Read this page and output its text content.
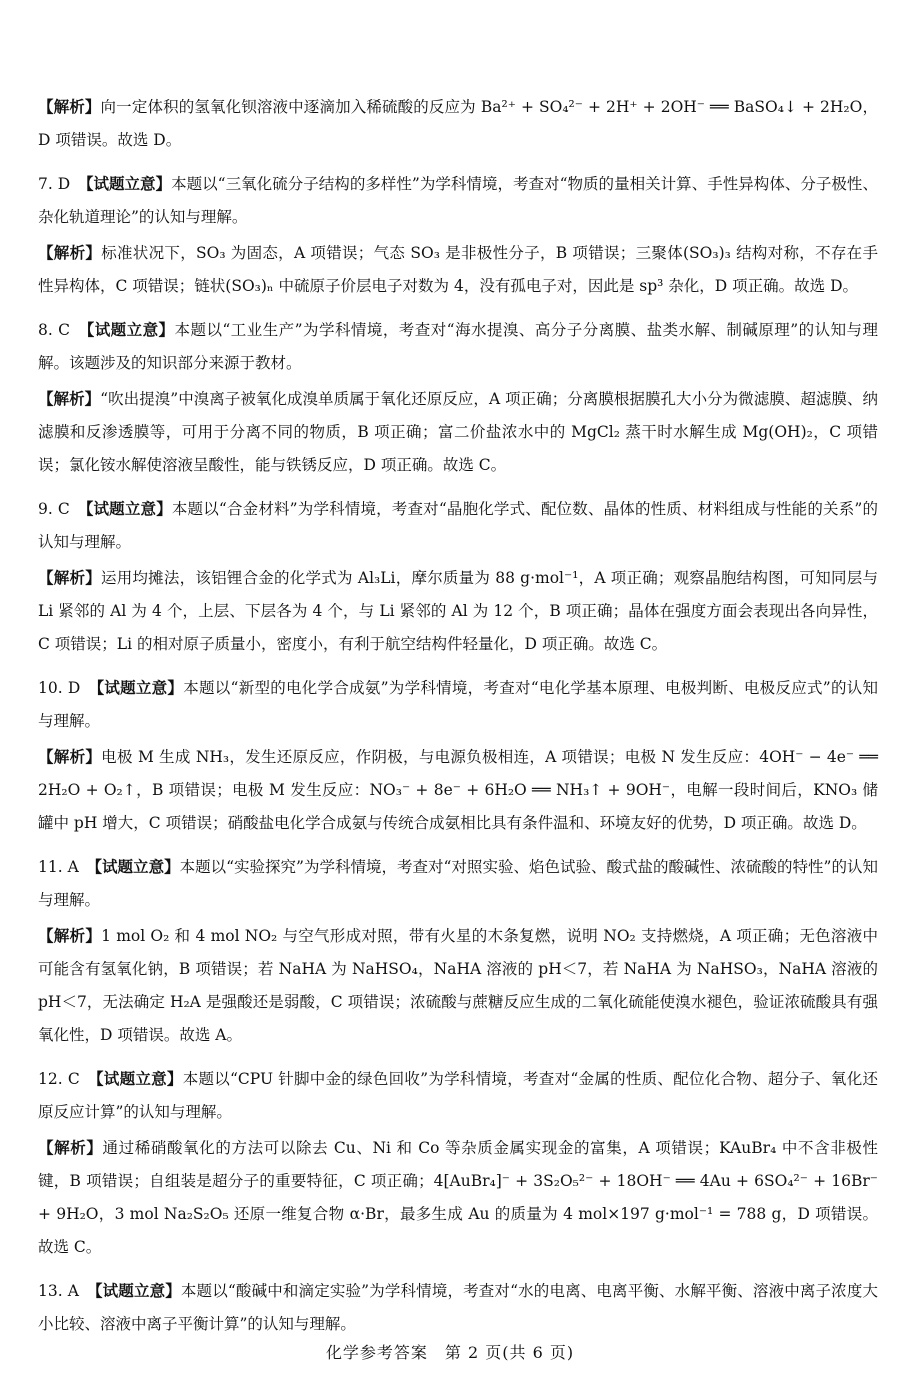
【解析】向一定体积的氢氧化钡溶液中逐滴加入稀硫酸的反应为 Ba²⁺ + SO₄²⁻ + 2H⁺ + 2OH⁻ ══ BaSO₄↓ + 2H₂O，D 项错误。故选 D。

7. D　 【试题立意】本题以“三氧化硫分子结构的多样性”为学科情境，考查对“物质的量相关计算、手性异构体、分子极性、杂化轨道理论”的认知与理解。

【解析】标准状况下，SO₃ 为固态，A 项错误；气态 SO₃ 是非极性分子，B 项错误；三聚体(SO₃)₃ 结构对称，不存在手性异构体，C 项错误；链状(SO₃)ₙ 中硫原子价层电子对数为 4，没有孤电子对，因此是 sp³ 杂化，D 项正确。故选 D。

8. C　 【试题立意】本题以“工业生产”为学科情境，考查对“海水提溴、高分子分离膜、盐类水解、制碱原理”的认知与理解。该题涉及的知识部分来源于教材。

【解析】“吹出提溴”中溴离子被氧化成溴单质属于氧化还原反应，A 项正确；分离膜根据膜孔大小分为微滤膜、超滤膜、纳滤膜和反渗透膜等，可用于分离不同的物质，B 项正确；富二价盐浓水中的 MgCl₂ 蒸干时水解生成 Mg(OH)₂，C 项错误；氯化铵水解使溶液呈酸性，能与铁锈反应，D 项正确。故选 C。

9. C　 【试题立意】本题以“合金材料”为学科情境，考查对“晶胞化学式、配位数、晶体的性质、材料组成与性能的关系”的认知与理解。

【解析】运用均摊法，该铝锂合金的化学式为 Al₃Li，摩尔质量为 88 g·mol⁻¹，A 项正确；观察晶胞结构图，可知同层与 Li 紧邻的 Al 为 4 个，上层、下层各为 4 个，与 Li 紧邻的 Al 为 12 个，B 项正确；晶体在强度方面会表现出各向异性，C 项错误；Li 的相对原子质量小，密度小，有利于航空结构件轻量化，D 项正确。故选 C。

10. D　 【试题立意】本题以“新型的电化学合成氨”为学科情境，考查对“电化学基本原理、电极判断、电极反应式”的认知与理解。

【解析】电极 M 生成 NH₃，发生还原反应，作阴极，与电源负极相连，A 项错误；电极 N 发生反应：4OH⁻ − 4e⁻ ══ 2H₂O + O₂↑，B 项错误；电极 M 发生反应：NO₃⁻ + 8e⁻ + 6H₂O ══ NH₃↑ + 9OH⁻，电解一段时间后，KNO₃ 储罐中 pH 增大，C 项错误；硝酸盐电化学合成氨与传统合成氨相比具有条件温和、环境友好的优势，D 项正确。故选 D。

11. A　 【试题立意】本题以“实验探究”为学科情境，考查对“对照实验、焰色试验、酸式盐的酸碱性、浓硫酸的特性”的认知与理解。

【解析】1 mol O₂ 和 4 mol NO₂ 与空气形成对照，带有火星的木条复燃，说明 NO₂ 支持燃烧，A 项正确；无色溶液中可能含有氢氧化钠，B 项错误；若 NaHA 为 NaHSO₄，NaHA 溶液的 pH＜7，若 NaHA 为 NaHSO₃，NaHA 溶液的 pH＜7，无法确定 H₂A 是强酸还是弱酸，C 项错误；浓硫酸与蔗糖反应生成的二氧化硫能使溴水褪色，验证浓硫酸具有强氧化性，D 项错误。故选 A。

12. C　 【试题立意】本题以“CPU 针脚中金的绿色回收”为学科情境，考查对“金属的性质、配位化合物、超分子、氧化还原反应计算”的认知与理解。

【解析】通过稀硝酸氧化的方法可以除去 Cu、Ni 和 Co 等杂质金属实现金的富集，A 项错误；KAuBr₄ 中不含非极性键，B 项错误；自组装是超分子的重要特征，C 项正确；4[AuBr₄]⁻ + 3S₂O₅²⁻ + 18OH⁻ ══ 4Au + 6SO₄²⁻ + 16Br⁻ + 9H₂O，3 mol Na₂S₂O₅ 还原一维复合物 α·Br，最多生成 Au 的质量为 4 mol×197 g·mol⁻¹ = 788 g，D 项错误。故选 C。

13. A　 【试题立意】本题以“酸碱中和滴定实验”为学科情境，考查对“水的电离、电离平衡、水解平衡、溶液中离子浓度大小比较、溶液中离子平衡计算”的认知与理解。

化学参考答案　第 2 页(共 6 页)
